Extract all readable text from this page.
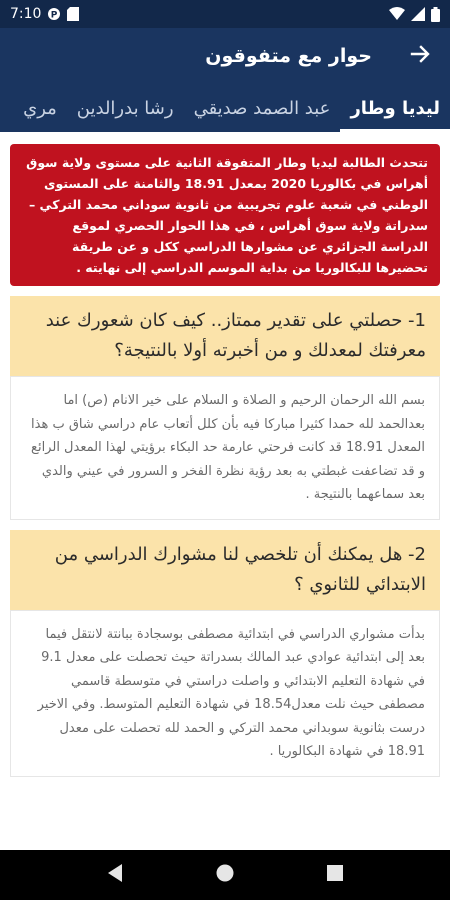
7:10 P
حوار مع متفوقون
ليديا وطار
عبد الصمد صديقي
رشا بدرالدين
مري
تتحدث الطالبة ليديا وطار المتفوقة الثانية على مستوى ولاية سوق أهراس في بكالوريا 2020 بمعدل 18.91 والثامنة على المستوى الوطني في شعبة علوم تجريبية من ثانوية سوداني محمد التركي – سدراتة ولاية سوق أهراس ، في هذا الحوار الحصري لموقع الدراسة الجزائري عن مشوارها الدراسي ككل و عن طريقة تحضيرها للبكالوريا من بداية الموسم الدراسي إلى نهايته .
1- حصلتي على تقدير ممتاز.. كيف كان شعورك عند معرفتك لمعدلك و من أخبرته أولا بالنتيجة؟
بسم الله الرحمان الرحيم و الصلاة و السلام على خير الانام (ص) اما بعدالحمد لله حمدا كثيرا مباركا فيه بأن كلل أتعاب عام دراسي شاق ب هذا المعدل 18.91 قد كانت فرحتي عارمة حد البكاء برؤيتي لهذا المعدل الرائع و قد تضاعفت غبطتي به بعد رؤية نظرة الفخر و السرور في عيني والدي بعد سماعهما بالنتيجة .
2- هل يمكنك أن تلخصي لنا مشوارك الدراسي من الابتدائي للثانوي ؟
بدأت مشواري الدراسي في ابتدائية مصطفى بوسجادة ببانتة لانتقل فيما بعد إلى ابتدائية عوادي عبد المالك بسدراتة حيث تحصلت على معدل 9.1 في شهادة التعليم الابتدائي و واصلت دراستي في متوسطة قاسمي مصطفى حيث نلت معدل18.54 في شهادة التعليم المتوسط. وفي الاخير درست بثانوية سوبداني محمد التركي و الحمد لله تحصلت على معدل 18.91 في شهادة البكالوريا .
